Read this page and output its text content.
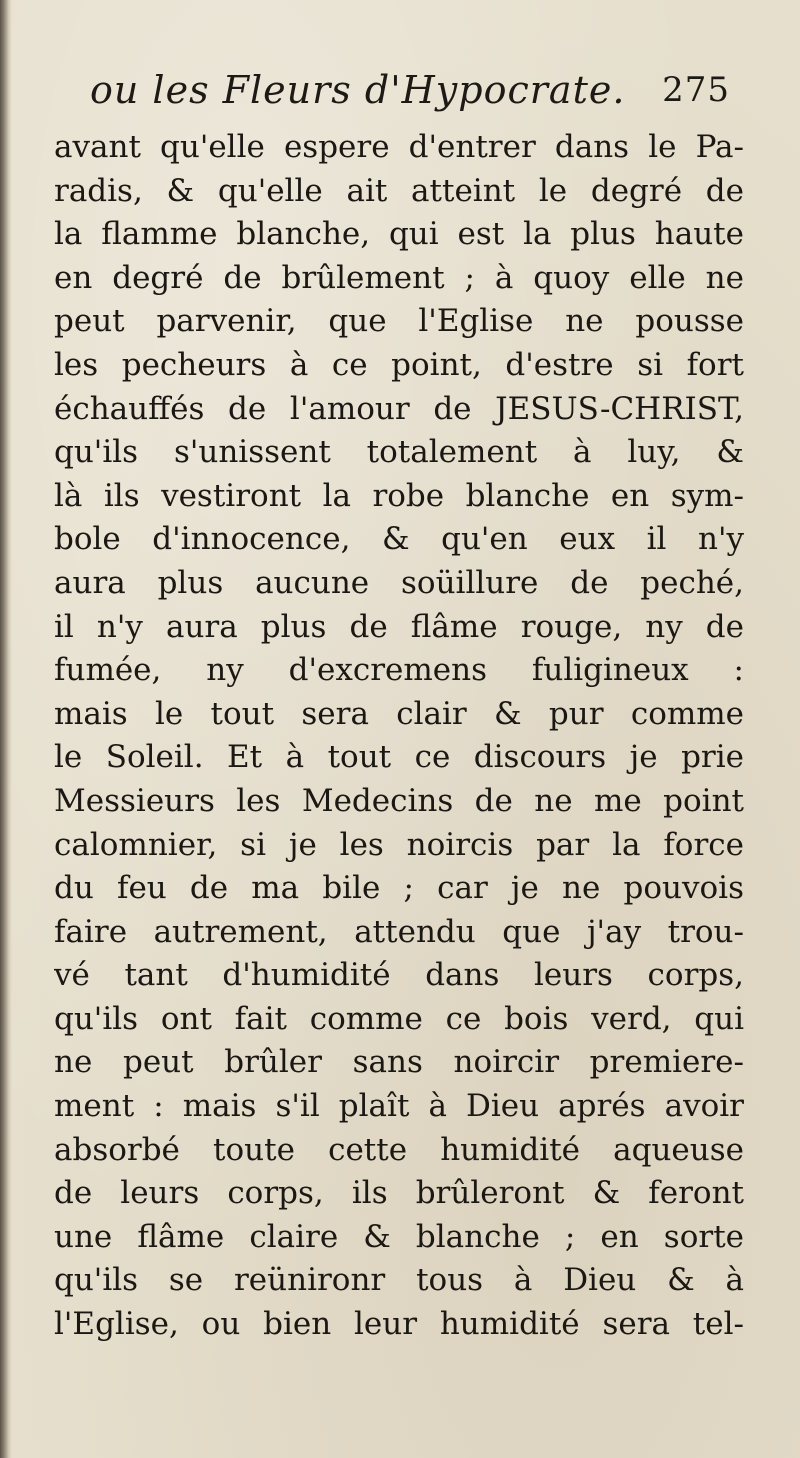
ou les Fleurs d'Hypocrate. 275
avant qu'elle espere d'entrer dans le Pa-
radis, & qu'elle ait atteint le degré de
la flamme blanche, qui est la plus haute
en degré de brûlement ; à quoy elle ne
peut parvenir, que l'Eglise ne pousse
les pecheurs à ce point, d'estre si fort
échauffés de l'amour de JESUS-CHRIST,
qu'ils s'unissent totalement à luy, &
là ils vestiront la robe blanche en sym-
bole d'innocence, & qu'en eux il n'y
aura plus aucune soüillure de peché,
il n'y aura plus de flâme rouge, ny de
fumée, ny d'excremens fuligineux :
mais le tout sera clair & pur comme
le Soleil. Et à tout ce discours je prie
Messieurs les Medecins de ne me point
calomnier, si je les noircis par la force
du feu de ma bile ; car je ne pouvois
faire autrement, attendu que j'ay trou-
vé tant d'humidité dans leurs corps,
qu'ils ont fait comme ce bois verd, qui
ne peut brûler sans noircir premiere-
ment : mais s'il plaît à Dieu aprés avoir
absorbé toute cette humidité aqueuse
de leurs corps, ils brûleront & feront
une flâme claire & blanche ; en sorte
qu'ils se reünironr tous à Dieu & à
l'Eglise, ou bien leur humidité sera tel-
